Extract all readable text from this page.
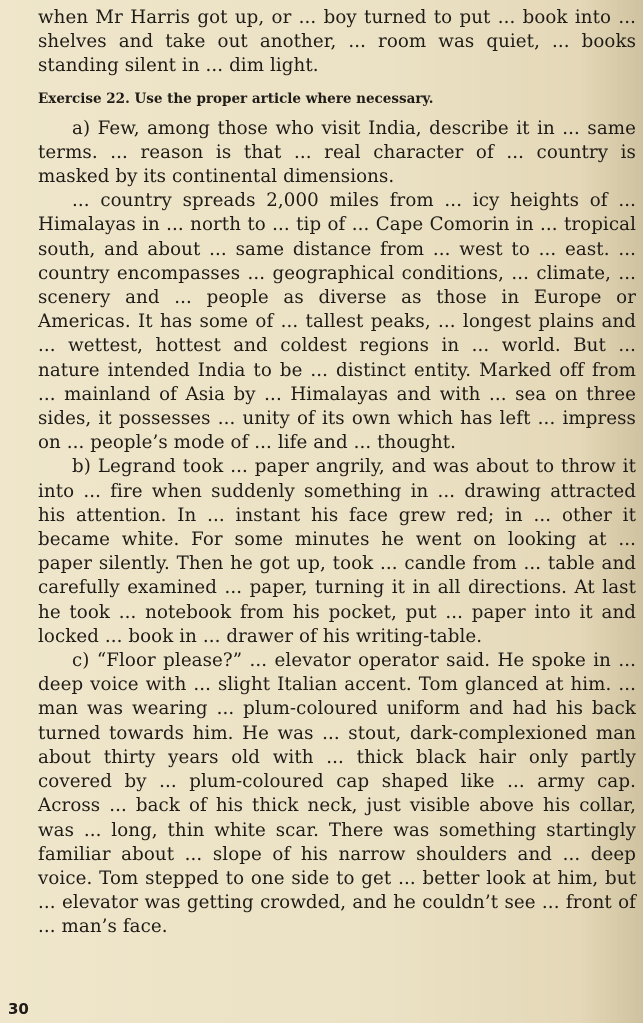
when Mr Harris got up, or ... boy turned to put ... book into ... shelves and take out another, ... room was quiet, ... books standing silent in ... dim light.

Exercise 22. Use the proper article where necessary.

a) Few, among those who visit India, describe it in ... same terms. ... reason is that ... real character of ... country is masked by its continental dimensions.

... country spreads 2,000 miles from ... icy heights of ... Himalayas in ... north to ... tip of ... Cape Comorin in ... tropical south, and about ... same distance from ... west to ... east. ... country encompasses ... geographical conditions, ... climate, ... scenery and ... people as diverse as those in Europe or Americas. It has some of ... tallest peaks, ... longest plains and ... wettest, hottest and coldest regions in ... world. But ... nature intended India to be ... distinct entity. Marked off from ... mainland of Asia by ... Himalayas and with ... sea on three sides, it possesses ... unity of its own which has left ... impress on ... people’s mode of ... life and ... thought.

b) Legrand took ... paper angrily, and was about to throw it into ... fire when suddenly something in ... drawing attracted his attention. In ... instant his face grew red; in ... other it became white. For some minutes he went on looking at ... paper silently. Then he got up, took ... candle from ... table and carefully examined ... paper, turning it in all directions. At last he took ... notebook from his pocket, put ... paper into it and locked ... book in ... drawer of his writing-table.

c) “Floor please?” ... elevator operator said. He spoke in ... deep voice with ... slight Italian accent. Tom glanced at him. ... man was wearing ... plum-coloured uniform and had his back turned towards him. He was ... stout, dark-complexioned man about thirty years old with ... thick black hair only partly covered by ... plum-coloured cap shaped like ... army cap. Across ... back of his thick neck, just visible above his collar, was ... long, thin white scar. There was something startingly familiar about ... slope of his narrow shoulders and ... deep voice. Tom stepped to one side to get ... better look at him, but ... elevator was getting crowded, and he couldn’t see ... front of ... man’s face.

30
